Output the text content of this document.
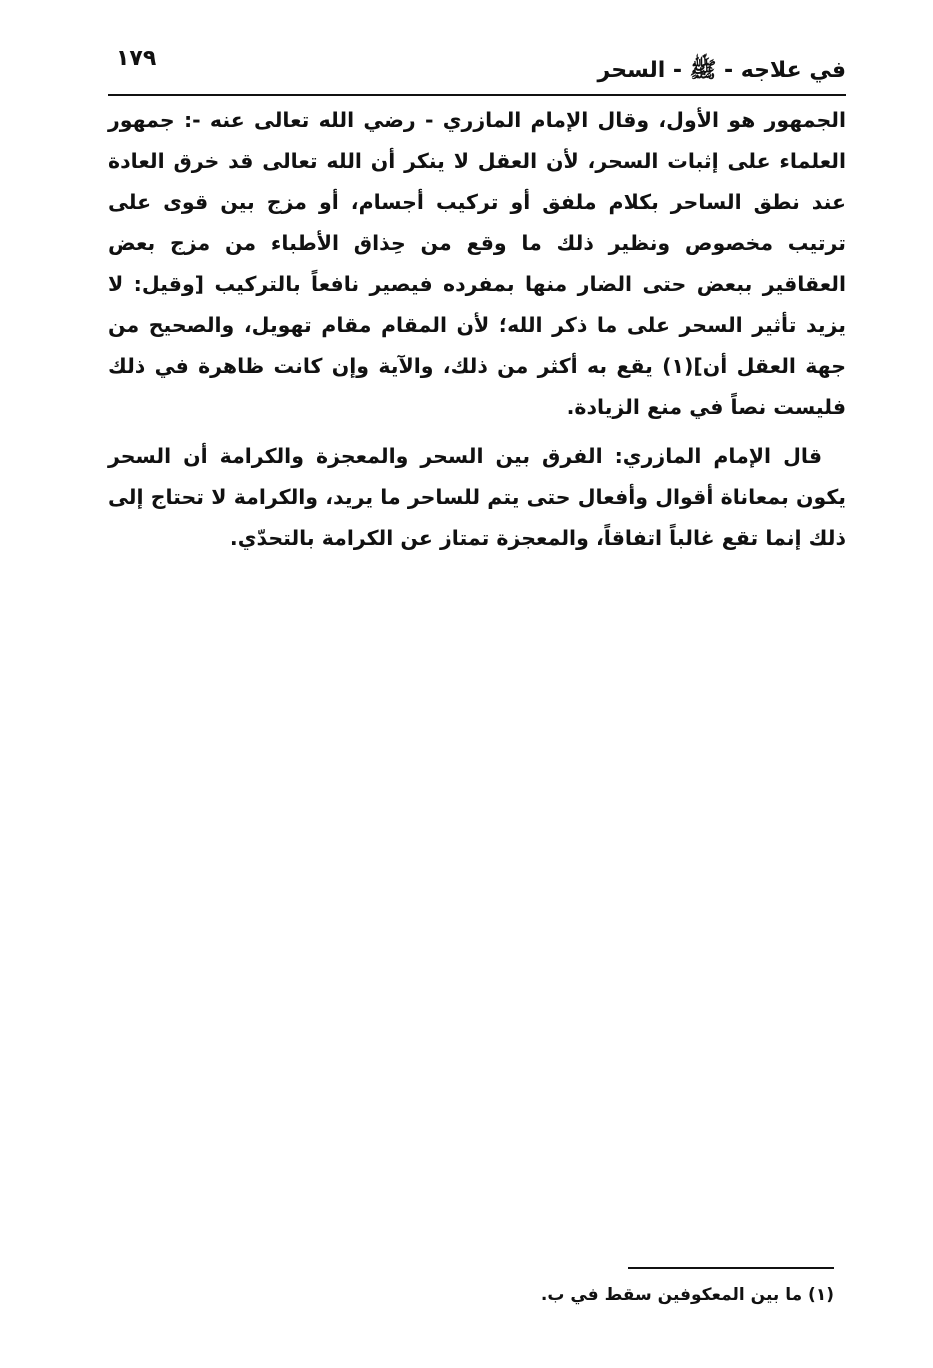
١٧٩	في علاجه - ﷺ - السحر

الجمهور هو الأول، وقال الإمام المازري - رضي الله تعالى عنه -: جمهور العلماء على إثبات السحر، لأن العقل لا ينكر أن الله تعالى قد خرق العادة عند نطق الساحر بكلام ملفق أو تركيب أجسام، أو مزج بين قوى على ترتيب مخصوص ونظير ذلك ما وقع من حِذاق الأطباء من مزج بعض العقاقير ببعض حتى الضار منها بمفرده فيصير نافعاً بالتركيب [وقيل: لا يزيد تأثير السحر على ما ذكر الله؛ لأن المقام مقام تهويل، والصحيح من جهة العقل أن](١) يقع به أكثر من ذلك، والآية وإن كانت ظاهرة في ذلك فليست نصاً في منع الزيادة.

قال الإمام المازري: الفرق بين السحر والمعجزة والكرامة أن السحر يكون بمعاناة أقوال وأفعال حتى يتم للساحر ما يريد، والكرامة لا تحتاج إلى ذلك إنما تقع غالباً اتفاقاً، والمعجزة تمتاز عن الكرامة بالتحدّي.

(١) ما بين المعكوفين سقط في ب.
